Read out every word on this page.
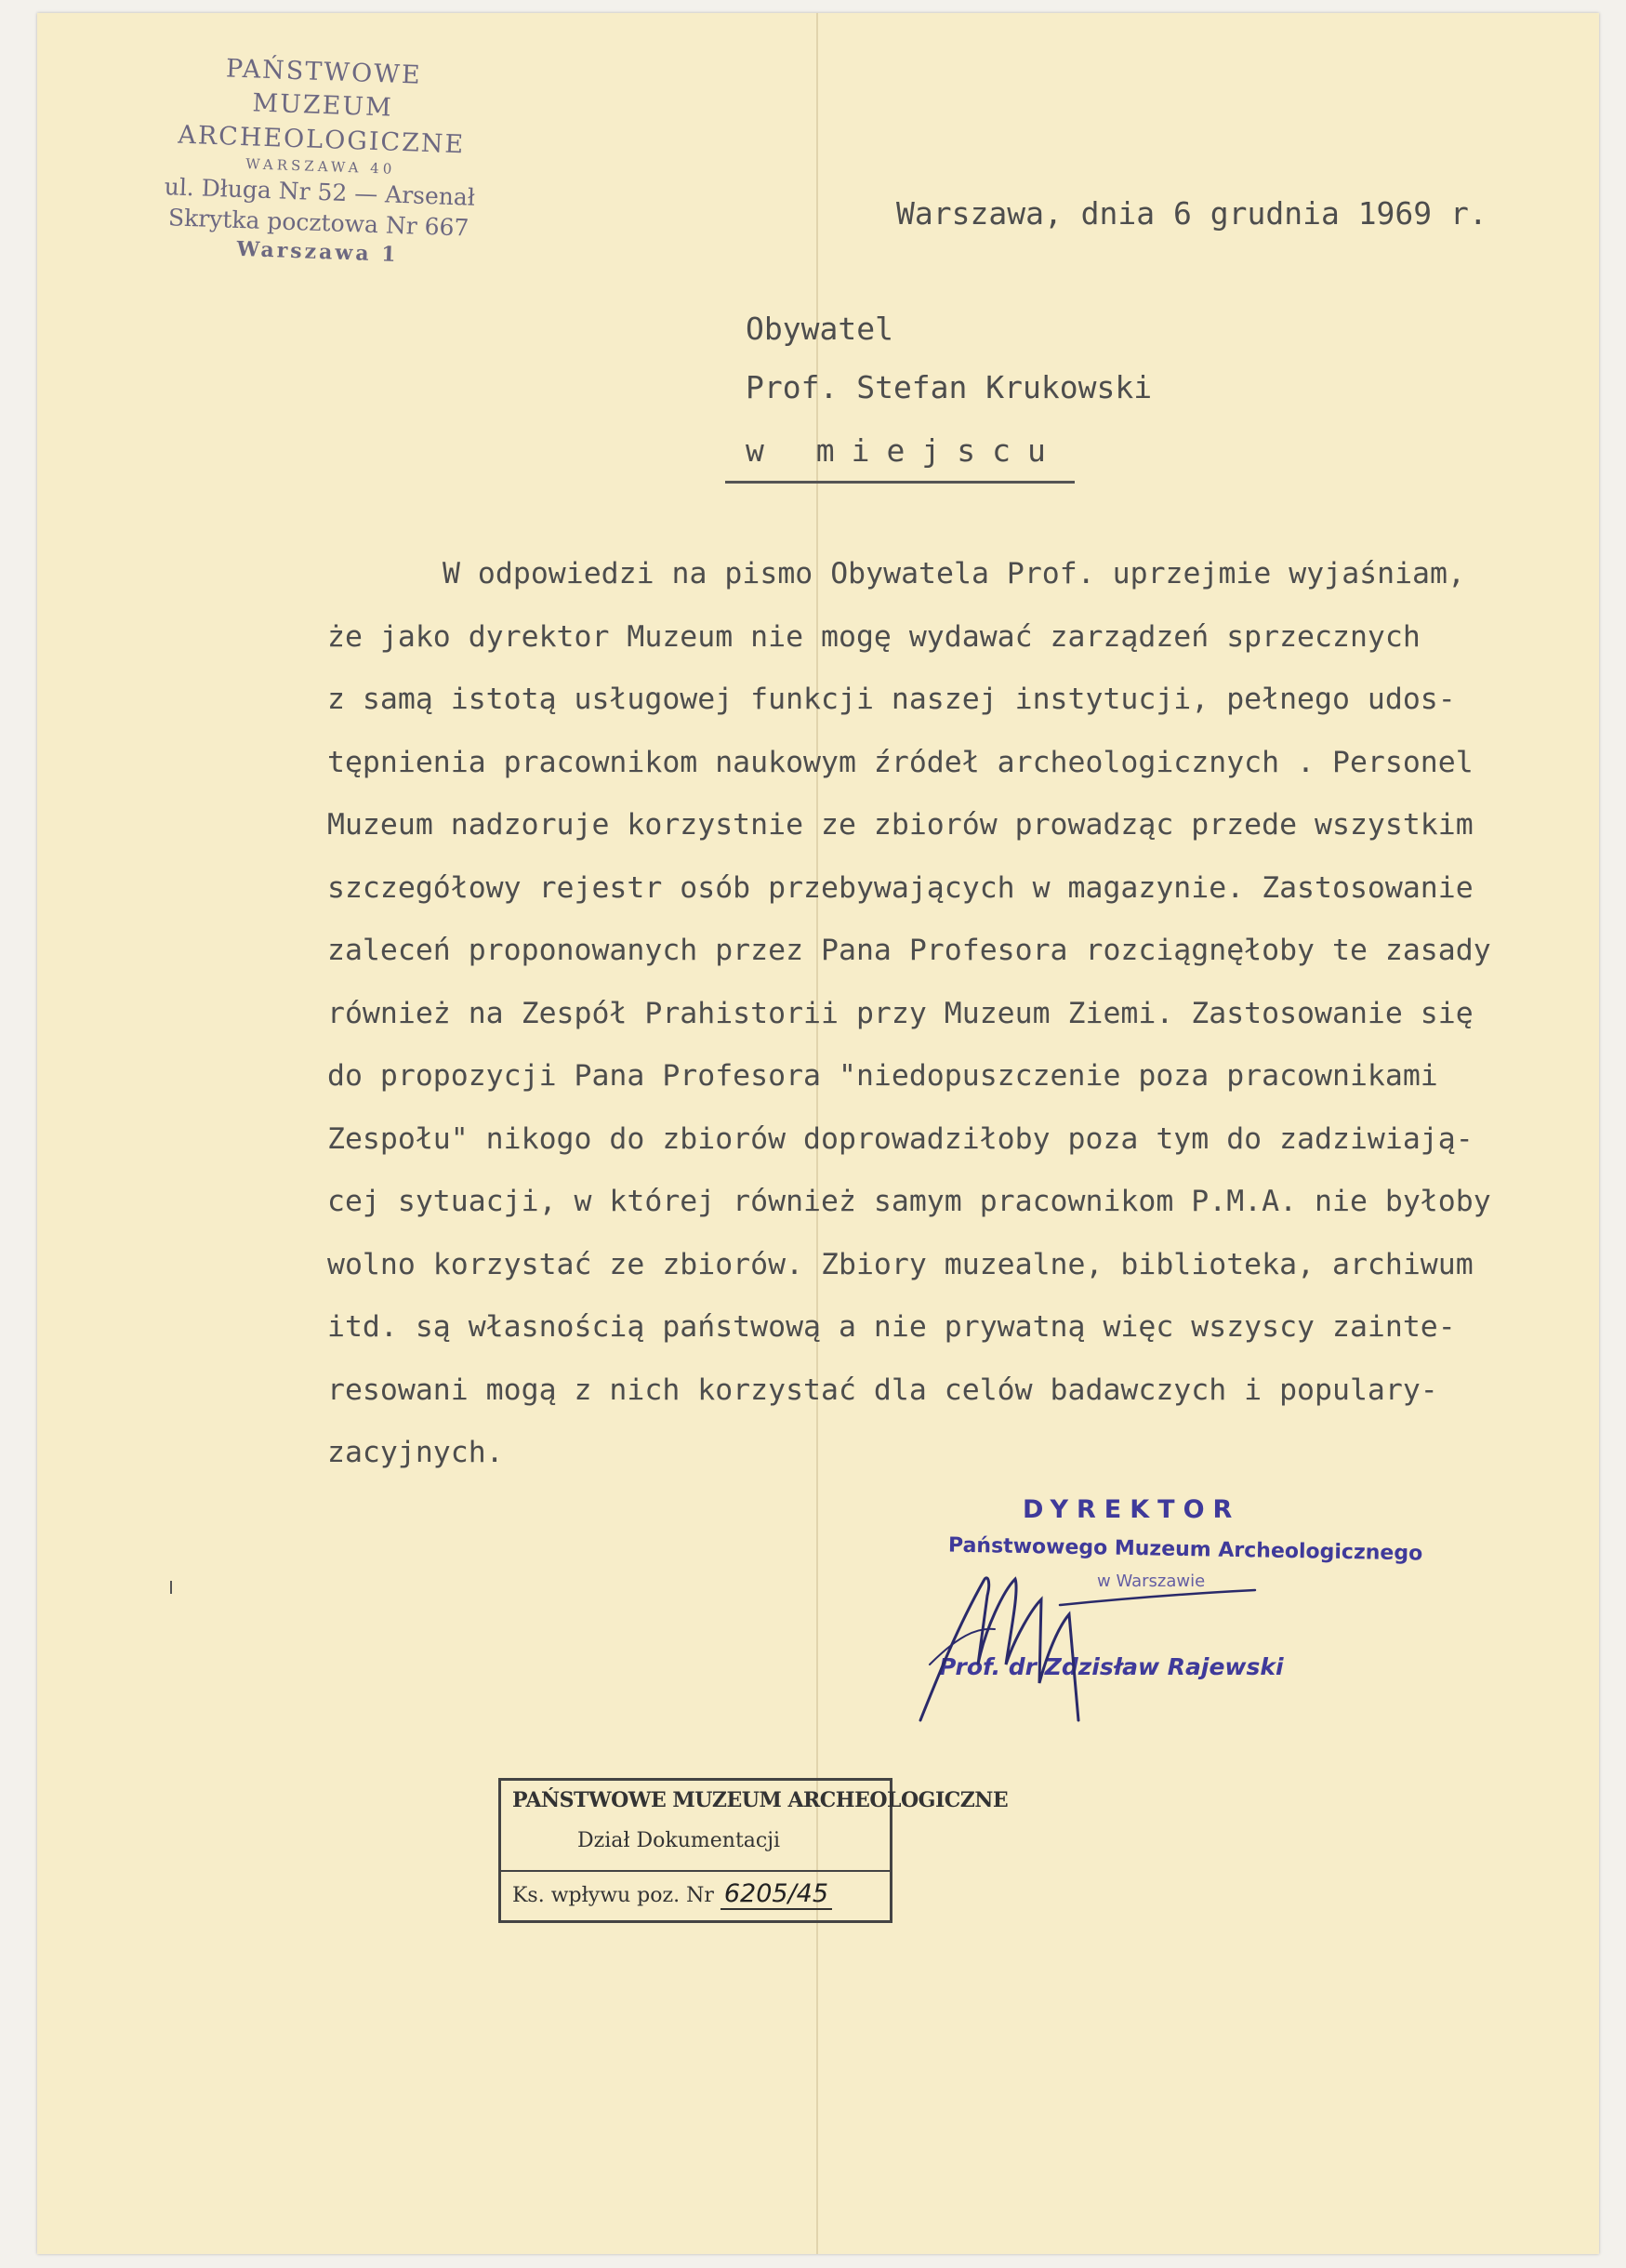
PAŃSTWOWE
MUZEUM ARCHEOLOGICZNE
WARSZAWA 40
ul. Długa Nr 52 — Arsenał
Skrytka pocztowa Nr 667
Warszawa 1
Warszawa, dnia 6 grudnia 1969 r.
Obywatel
Prof. Stefan Krukowski
w miejscu
W odpowiedzi na pismo Obywatela Prof. uprzejmie wyjaśniam,
że jako dyrektor Muzeum nie mogę wydawać zarządzeń sprzecznych
z samą istotą usługowej funkcji naszej instytucji, pełnego udos-
tępnienia pracownikom naukowym źródeł archeologicznych . Personel
Muzeum nadzoruje korzystnie ze zbiorów prowadząc przede wszystkim
szczegółowy rejestr osób przebywających w magazynie. Zastosowanie
zaleceń proponowanych przez Pana Profesora rozciągnęłoby te zasady
również na Zespół Prahistorii przy Muzeum Ziemi. Zastosowanie się
do propozycji Pana Profesora "niedopuszczenie poza pracownikami
Zespołu" nikogo do zbiorów doprowadziłoby poza tym do zadziwiają-
cej sytuacji, w której również samym pracownikom P.M.A. nie byłoby
wolno korzystać ze zbiorów. Zbiory muzealne, biblioteka, archiwum
itd. są własnością państwową a nie prywatną więc wszyscy zainte-
resowani mogą z nich korzystać dla celów badawczych i populary-
zacyjnych.
DYREKTOR
Państwowego Muzeum Archeologicznego
w Warszawie
Prof. dr Zdzisław Rajewski
PAŃSTWOWE MUZEUM ARCHEOLOGICZNE
Dział Dokumentacji
Ks. wpływu poz. Nr 6205/45
